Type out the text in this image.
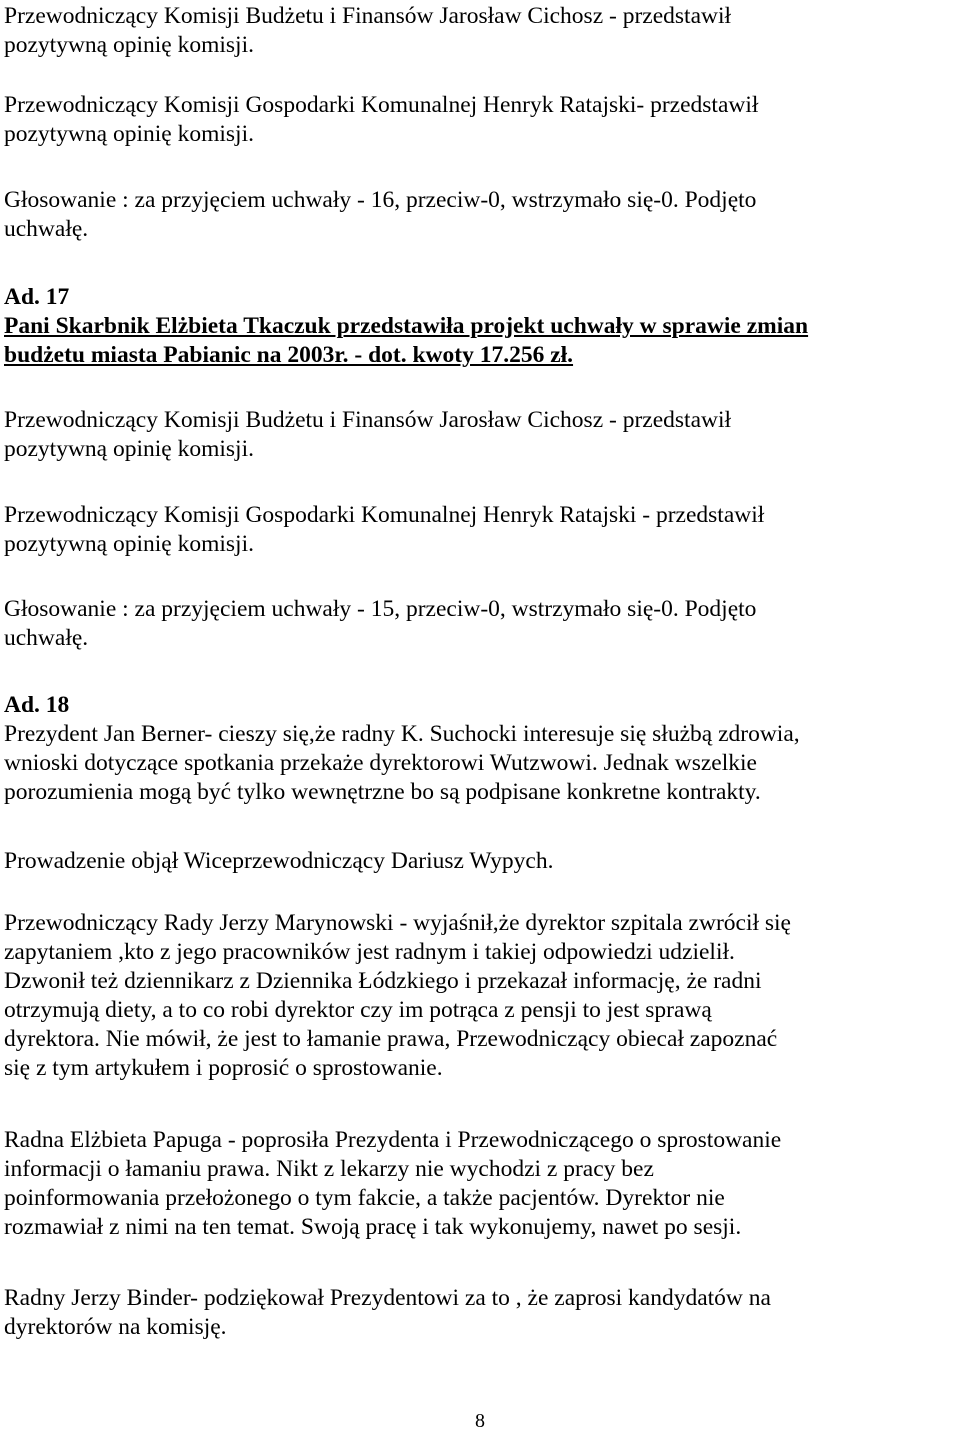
Przewodniczący Komisji Budżetu i Finansów Jarosław Cichosz - przedstawił
pozytywną opinię komisji.

Przewodniczący Komisji Gospodarki Komunalnej Henryk Ratajski- przedstawił
pozytywną opinię komisji.

Głosowanie : za przyjęciem uchwały - 16, przeciw-0, wstrzymało się-0. Podjęto
uchwałę.

Ad. 17
Pani Skarbnik Elżbieta Tkaczuk przedstawiła projekt uchwały w sprawie zmian
budżetu miasta Pabianic na 2003r. - dot. kwoty 17.256 zł.

Przewodniczący Komisji Budżetu i Finansów Jarosław Cichosz - przedstawił
pozytywną opinię komisji.

Przewodniczący Komisji Gospodarki Komunalnej Henryk Ratajski - przedstawił
pozytywną opinię komisji.

Głosowanie : za przyjęciem uchwały - 15, przeciw-0, wstrzymało się-0. Podjęto
uchwałę.

Ad. 18
Prezydent Jan Berner- cieszy się,że radny K. Suchocki interesuje się służbą zdrowia,
wnioski dotyczące spotkania przekaże dyrektorowi Wutzwowi. Jednak wszelkie
porozumienia mogą być tylko wewnętrzne bo są podpisane konkretne kontrakty.

Prowadzenie objął Wiceprzewodniczący Dariusz Wypych.

Przewodniczący Rady Jerzy Marynowski - wyjaśnił,że dyrektor szpitala zwrócił się
zapytaniem ,kto z jego pracowników jest radnym i takiej odpowiedzi udzielił.
Dzwonił też dziennikarz z Dziennika Łódzkiego i przekazał informację, że radni
otrzymują diety, a to co robi dyrektor czy im potrąca z pensji to jest sprawą
dyrektora. Nie mówił, że jest to łamanie prawa, Przewodniczący obiecał zapoznać
się z tym artykułem i poprosić o sprostowanie.

Radna Elżbieta Papuga - poprosiła Prezydenta i Przewodniczącego o sprostowanie
informacji o łamaniu prawa. Nikt z lekarzy nie wychodzi z pracy bez
poinformowania przełożonego o tym fakcie, a także pacjentów. Dyrektor nie
rozmawiał z nimi na ten temat. Swoją pracę i tak wykonujemy, nawet po sesji.

Radny Jerzy Binder- podziękował Prezydentowi za to , że zaprosi kandydatów na
dyrektorów na komisję.

8
